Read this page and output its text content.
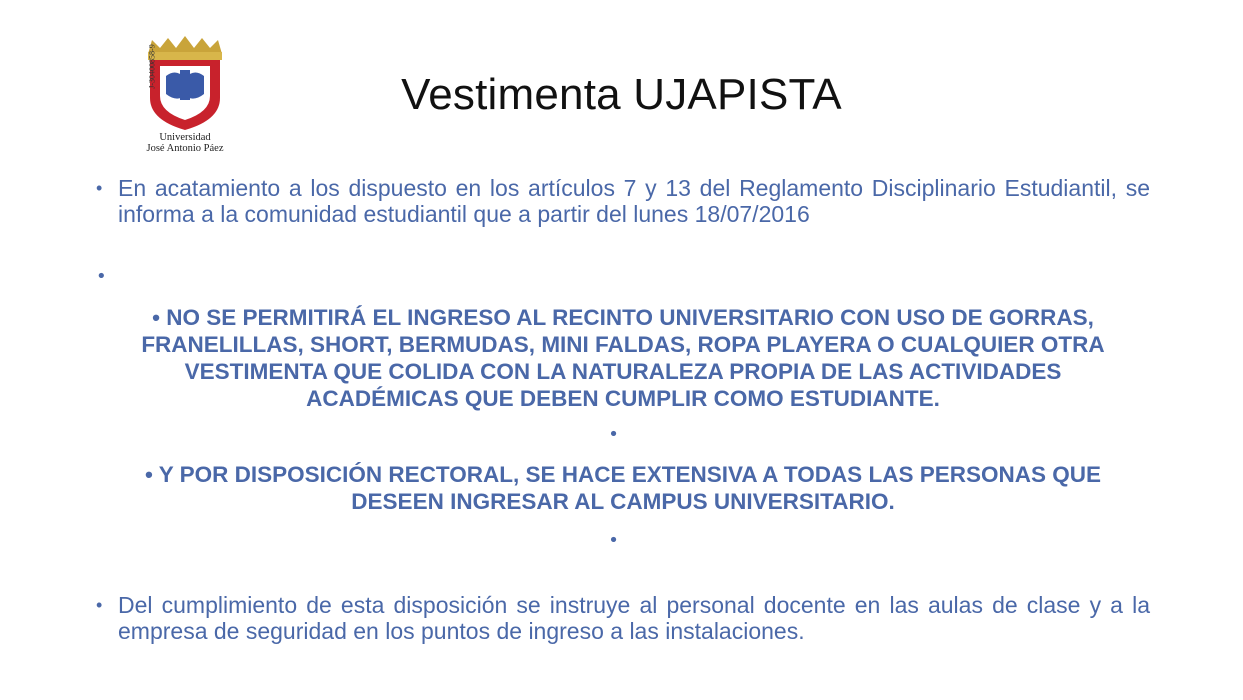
J-30400858-9
Universidad
José Antonio Páez
Vestimenta UJAPISTA
• En acatamiento a los dispuesto en los artículos 7 y 13 del Reglamento Disciplinario Estudiantil, se informa a la comunidad estudiantil que a partir del lunes 18/07/2016
•
• NO SE PERMITIRÁ EL INGRESO AL RECINTO UNIVERSITARIO CON USO DE GORRAS, FRANELILLAS, SHORT, BERMUDAS, MINI FALDAS, ROPA PLAYERA O CUALQUIER OTRA VESTIMENTA QUE COLIDA CON LA NATURALEZA PROPIA DE LAS ACTIVIDADES ACADÉMICAS QUE DEBEN CUMPLIR COMO ESTUDIANTE.
•
• Y POR DISPOSICIÓN RECTORAL, SE HACE EXTENSIVA A TODAS LAS PERSONAS QUE DESEEN INGRESAR AL CAMPUS UNIVERSITARIO.
•
• Del cumplimiento de esta disposición se instruye al personal docente en las aulas de clase y a la empresa de seguridad en los puntos de ingreso a las instalaciones.
